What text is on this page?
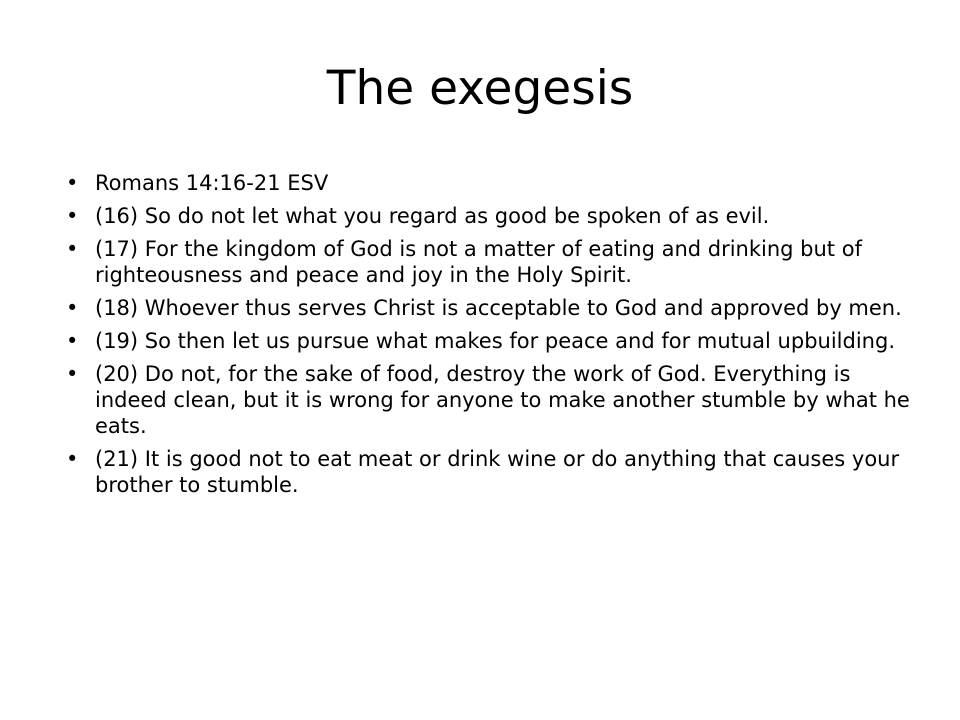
The exegesis
• Romans 14:16-21 ESV
• (16) So do not let what you regard as good be spoken of as evil.
• (17) For the kingdom of God is not a matter of eating and drinking but of righteousness and peace and joy in the Holy Spirit.
• (18) Whoever thus serves Christ is acceptable to God and approved by men.
• (19) So then let us pursue what makes for peace and for mutual upbuilding.
• (20) Do not, for the sake of food, destroy the work of God. Everything is indeed clean, but it is wrong for anyone to make another stumble by what he eats.
• (21) It is good not to eat meat or drink wine or do anything that causes your brother to stumble.
